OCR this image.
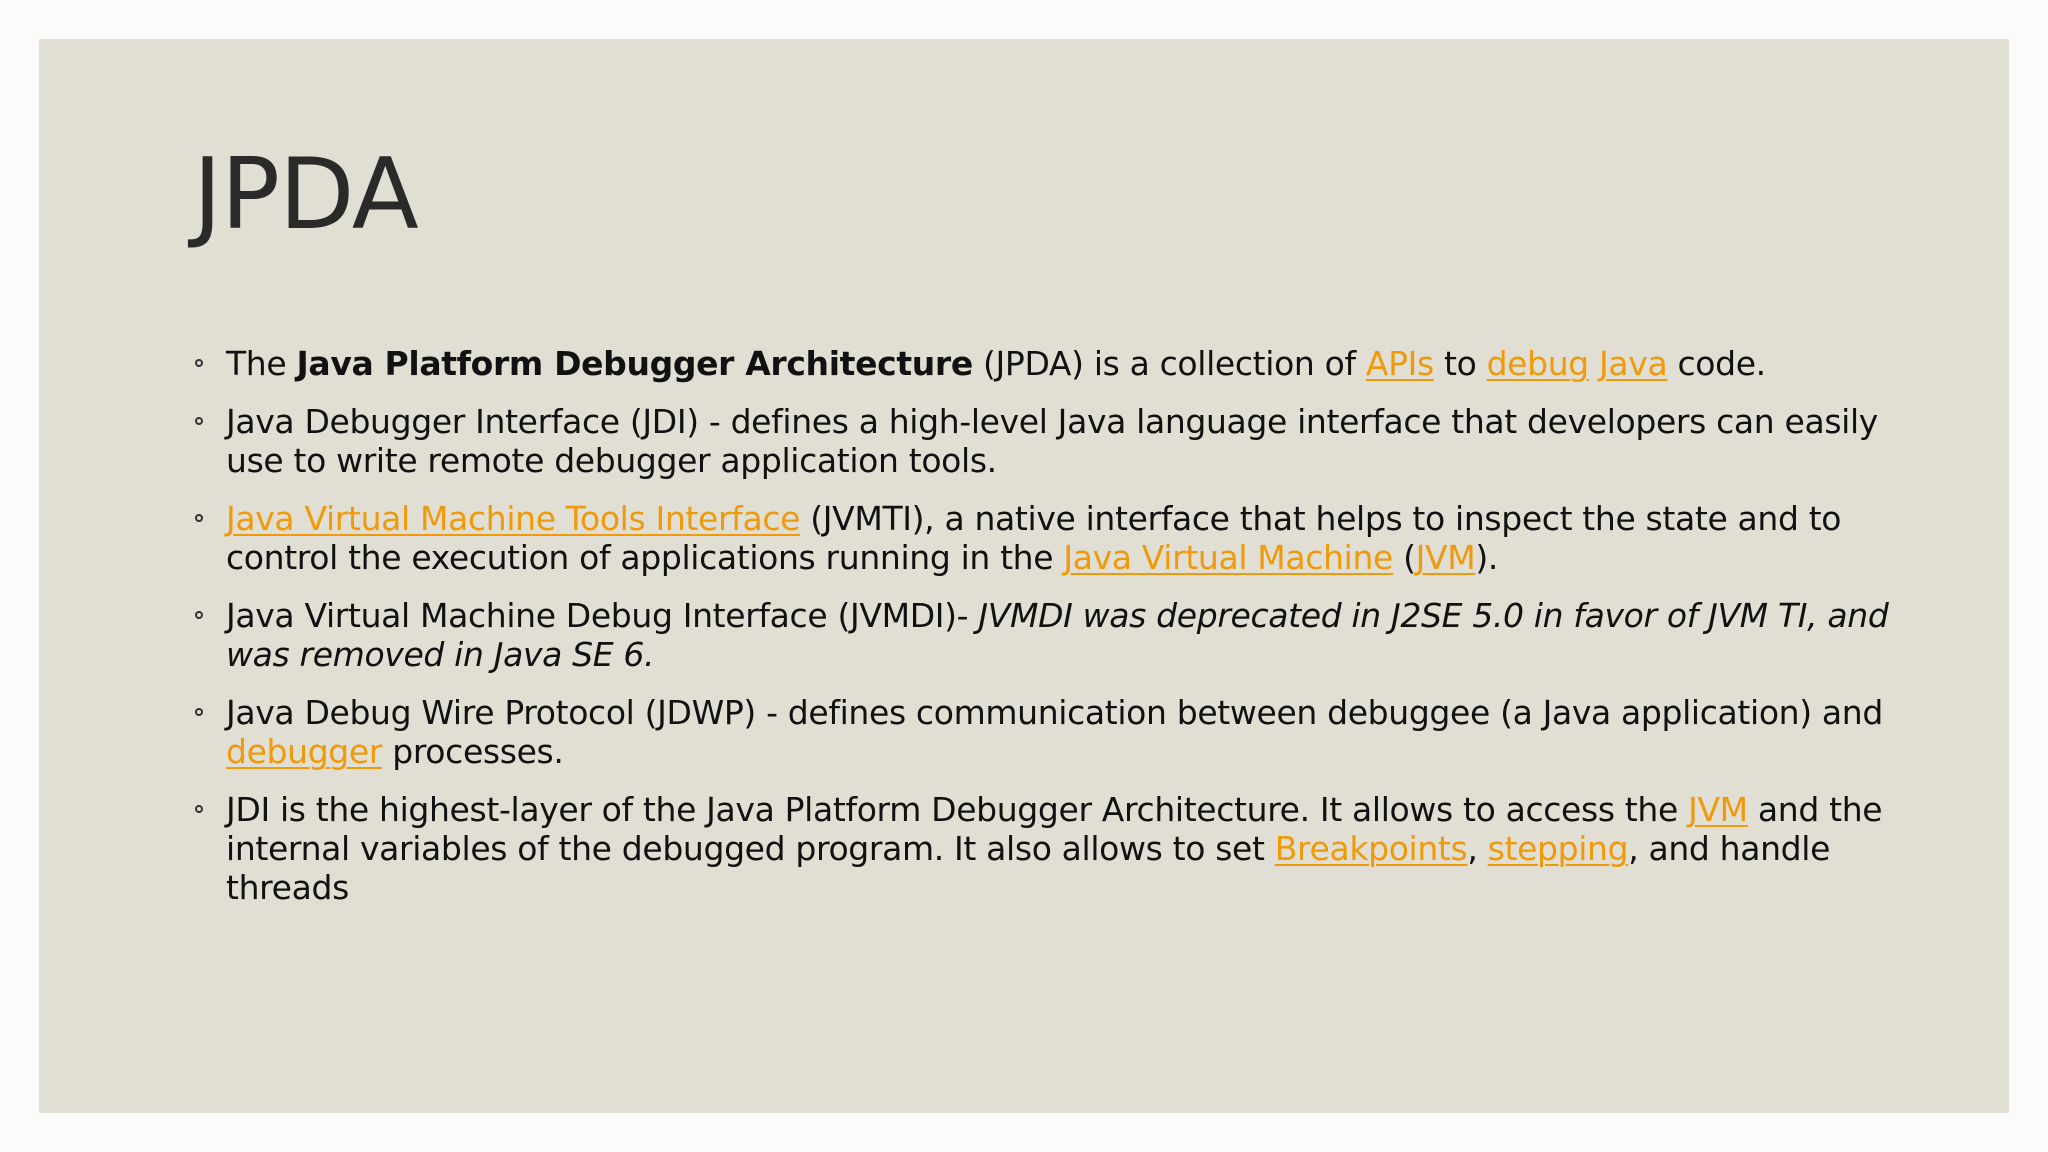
JPDA
The Java Platform Debugger Architecture (JPDA) is a collection of APIs to debug Java code.
Java Debugger Interface (JDI) - defines a high-level Java language interface that developers can easily use to write remote debugger application tools.
Java Virtual Machine Tools Interface (JVMTI), a native interface that helps to inspect the state and to control the execution of applications running in the Java Virtual Machine (JVM).
Java Virtual Machine Debug Interface (JVMDI)- JVMDI was deprecated in J2SE 5.0 in favor of JVM TI, and was removed in Java SE 6.
Java Debug Wire Protocol (JDWP) - defines communication between debuggee (a Java application) and debugger processes.
JDI is the highest-layer of the Java Platform Debugger Architecture. It allows to access the JVM and the internal variables of the debugged program. It also allows to set Breakpoints, stepping, and handle threads
